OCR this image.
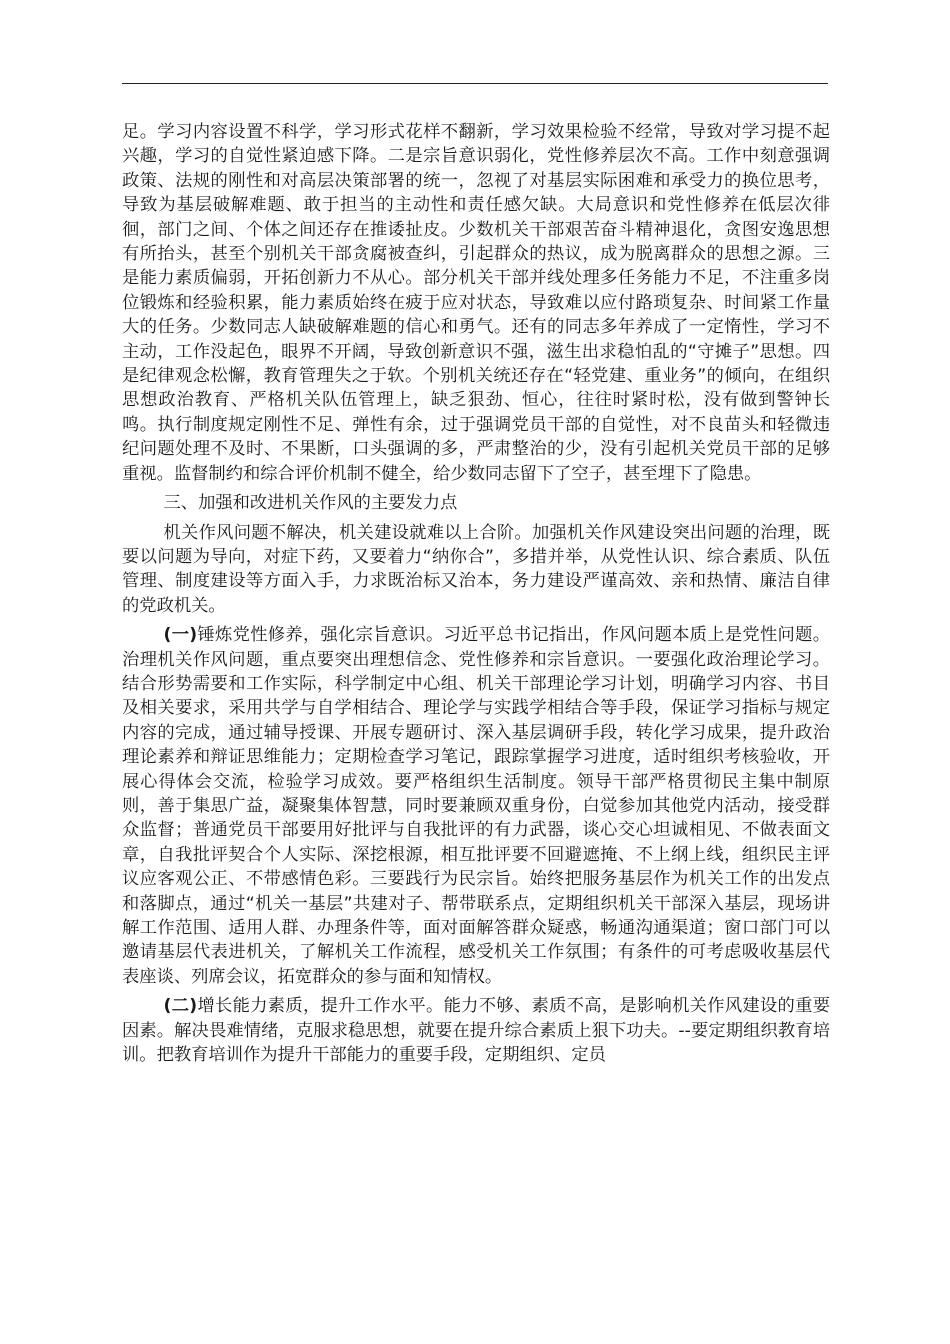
足。学习内容设置不科学，学习形式花样不翻新，学习效果检验不经常，导致对学习提不起兴趣，学习的自觉性紧迫感下降。二是宗旨意识弱化，党性修养层次不高。工作中刻意强调政策、法规的刚性和对高层决策部署的统一，忽视了对基层实际困难和承受力的换位思考，导致为基层破解难题、敢于担当的主动性和责任感欠缺。大局意识和党性修养在低层次徘徊，部门之间、个体之间还存在推诿扯皮。少数机关干部艰苦奋斗精神退化，贪图安逸思想有所抬头，甚至个别机关干部贪腐被查纠，引起群众的热议，成为脱离群众的思想之源。三是能力素质偏弱，开拓创新力不从心。部分机关干部并线处理多任务能力不足，不注重多岗位锻炼和经验积累，能力素质始终在疲于应对状态，导致难以应付路琐复杂、时间紧工作量大的任务。少数同志人缺破解难题的信心和勇气。还有的同志多年养成了一定惰性，学习不主动，工作没起色，眼界不开阔，导致创新意识不强，滋生出求稳怕乱的“守摊子”思想。四是纪律观念松懈，教育管理失之于软。个别机关统还存在“轻党建、重业务”的倾向，在组织思想政治教育、严格机关队伍管理上，缺乏狠劲、恒心，往往时紧时松，没有做到警钟长鸣。执行制度规定刚性不足、弹性有余，过于强调党员干部的自觉性，对不良苗头和轻微违纪问题处理不及时、不果断，口头强调的多，严肃整治的少，没有引起机关党员干部的足够重视。监督制约和综合评价机制不健全，给少数同志留下了空子，甚至埋下了隐患。

三、加强和改进机关作风的主要发力点

机关作风问题不解决，机关建设就难以上合阶。加强机关作风建设突出问题的治理，既要以问题为导向，对症下药，又要着力“纳你合”，多措并举，从党性认识、综合素质、队伍管理、制度建设等方面入手，力求既治标又治本，务力建设严谨高效、亲和热情、廉洁自律的党政机关。

(一)锤炼党性修养，强化宗旨意识。习近平总书记指出，作风问题本质上是党性问题。治理机关作风问题，重点要突出理想信念、党性修养和宗旨意识。一要强化政治理论学习。结合形势需要和工作实际，科学制定中心组、机关干部理论学习计划，明确学习内容、书目及相关要求，采用共学与自学相结合、理论学与实践学相结合等手段，保证学习指标与规定内容的完成，通过辅导授课、开展专题研讨、深入基层调研手段，转化学习成果，提升政治理论素养和辩证思维能力；定期检查学习笔记，跟踪掌握学习进度，适时组织考核验收，开展心得体会交流，检验学习成效。要严格组织生活制度。领导干部严格贯彻民主集中制原则，善于集思广益，凝聚集体智慧，同时要兼顾双重身份，白觉参加其他党内活动，接受群众监督；普通党员干部要用好批评与自我批评的有力武器，谈心交心坦诚相见、不做表面文章，自我批评契合个人实际、深挖根源，相互批评要不回避遮掩、不上纲上线，组织民主评议应客观公正、不带感情色彩。三要践行为民宗旨。始终把服务基层作为机关工作的出发点和落脚点，通过“机关一基层”共建对子、帮带联系点，定期组织机关干部深入基层，现场讲解工作范围、适用人群、办理条件等，面对面解答群众疑惑，畅通沟通渠道；窗口部门可以邀请基层代表进机关，了解机关工作流程，感受机关工作氛围；有条件的可考虑吸收基层代表座谈、列席会议，拓宽群众的参与面和知情权。

(二)增长能力素质，提升工作水平。能力不够、素质不高，是影响机关作风建设的重要因素。解决畏难情绪，克服求稳思想，就要在提升综合素质上狠下功夫。--要定期组织教育培训。把教育培训作为提升干部能力的重要手段，定期组织、定员
